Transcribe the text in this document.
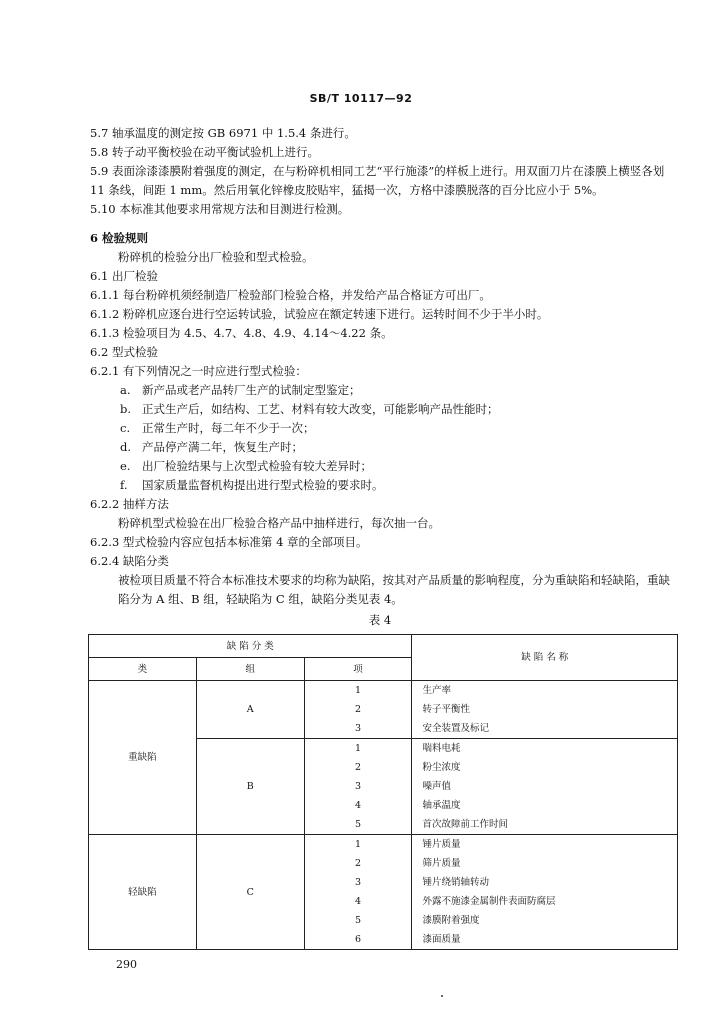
SB/T 10117—92
5.7 轴承温度的测定按 GB 6971 中 1.5.4 条进行。
5.8 转子动平衡校验在动平衡试验机上进行。
5.9 表面涂漆漆膜附着强度的测定，在与粉碎机相同工艺“平行施漆”的样板上进行。用双面刀片在漆膜上横竖各划 11 条线，间距 1 mm。然后用氧化锌橡皮胶贴牢，猛揭一次，方格中漆膜脱落的百分比应小于 5%。
5.10 本标准其他要求用常规方法和目测进行检测。
6 检验规则
粉碎机的检验分出厂检验和型式检验。
6.1 出厂检验
6.1.1 每台粉碎机须经制造厂检验部门检验合格，并发给产品合格证方可出厂。
6.1.2 粉碎机应逐台进行空运转试验，试验应在额定转速下进行。运转时间不少于半小时。
6.1.3 检验项目为 4.5、4.7、4.8、4.9、4.14～4.22 条。
6.2 型式检验
6.2.1 有下列情况之一时应进行型式检验：
a. 新产品或老产品转厂生产的试制定型鉴定；
b. 正式生产后，如结构、工艺、材料有较大改变，可能影响产品性能时；
c. 正常生产时，每二年不少于一次；
d. 产品停产满二年，恢复生产时；
e. 出厂检验结果与上次型式检验有较大差异时；
f. 国家质量监督机构提出进行型式检验的要求时。
6.2.2 抽样方法
粉碎机型式检验在出厂检验合格产品中抽样进行，每次抽一台。
6.2.3 型式检验内容应包括本标准第 4 章的全部项目。
6.2.4 缺陷分类
被检项目质量不符合本标准技术要求的均称为缺陷，按其对产品质量的影响程度，分为重缺陷和轻缺陷，重缺陷分为 A 组、B 组，轻缺陷为 C 组，缺陷分类见表 4。
表 4
缺 陷 分 类			缺 陷 名 称
类	组	项	
重缺陷	A	1	生产率
		2	转子平衡性
		3	安全装置及标记
	B	1	喘料电耗
		2	粉尘浓度
		3	噪声值
		4	轴承温度
		5	首次故障前工作时间
轻缺陷	C	1	锤片质量
		2	筛片质量
		3	锤片绕销轴转动
		4	外露不施漆金属制件表面防腐层
		5	漆膜附着强度
		6	漆面质量
290
